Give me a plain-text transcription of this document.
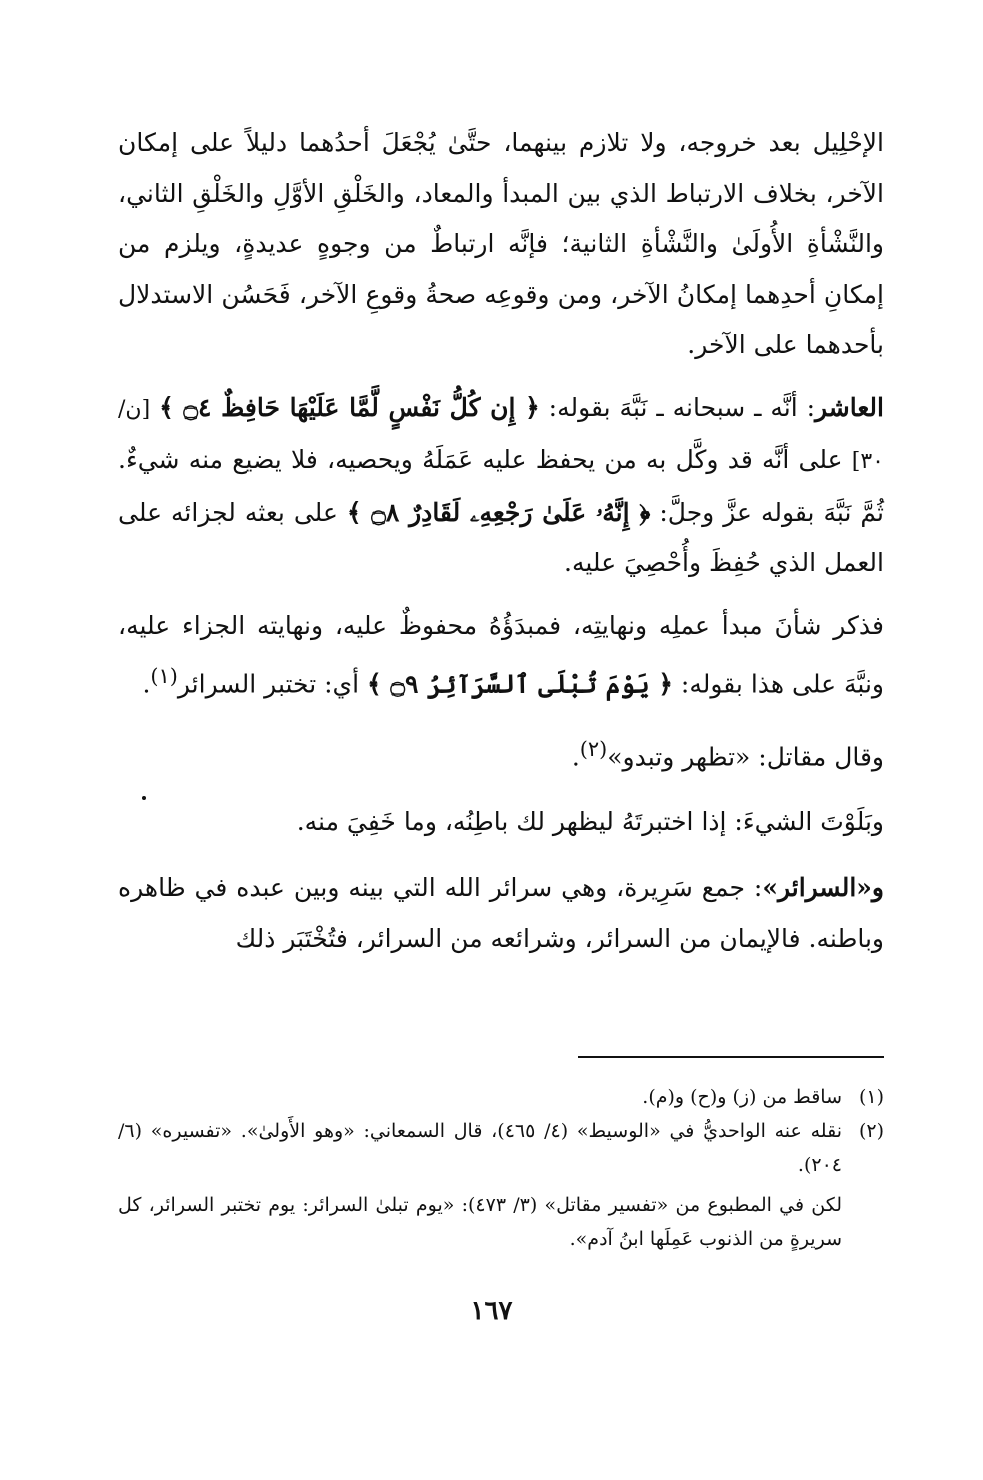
الإحْلِيل بعد خروجه، ولا تلازم بينهما، حتَّىٰ يُجْعَلَ أحدُهما دليلاً على إمكان الآخر، بخلاف الارتباط الذي بين المبدأ والمعاد، والخَلْقِ الأوَّلِ والخَلْقِ الثاني، والنَّشْأةِ الأُولَىٰ والنَّشْأةِ الثانية؛ فإنَّه ارتباطٌ من وجوهٍ عديدةٍ، ويلزم من إمكانِ أحدِهما إمكانُ الآخر، ومن وقوعِه صحةُ وقوعِ الآخر، فَحَسُن الاستدلال بأحدهما على الآخر.

العاشر: أنَّه ـ سبحانه ـ نَبَّهَ بقوله: ﴿ إِن كُلُّ نَفْسٍ لَّمَّا عَلَيْهَا حَافِظٌ ۝٤ ﴾ [ن/ ٣٠] على أنَّه قد وكَّل به من يحفظ عليه عَمَلَهُ ويحصيه، فلا يضيع منه شيءٌ. ثُمَّ نَبَّهَ بقوله عزَّ وجلَّ: ﴿ إِنَّهُۥ عَلَىٰ رَجْعِهِۦ لَقَادِرٌ ۝٨ ﴾ على بعثه لجزائه على العمل الذي حُفِظَ وأُحْصِيَ عليه.

فذكر شأنَ مبدأ عملِه ونهايتِه، فمبدَؤُهُ محفوظٌ عليه، ونهايته الجزاء عليه، ونبَّهَ على هذا بقوله: ﴿ يَوْمَ تُبْلَى ٱلسَّرَآئِرُ ۝٩ ﴾ أي: تختبر السرائر$^{(١)}$.

وقال مقاتل: «تظهر وتبدو»$^{(٢)}$.

وبَلَوْتَ الشيءَ: إذا اختبرتَهُ ليظهر لك باطِنُه، وما خَفِيَ منه.

و«السرائر»: جمع سَرِيرة، وهي سرائر الله التي بينه وبين عبده في ظاهره وباطنه. فالإيمان من السرائر، وشرائعه من السرائر، فتُخْتَبَر ذلك

(١)
ساقط من (ز) و(ح) و(م).
(٢)
نقله عنه الواحديُّ في «الوسيط» (٤/ ٤٦٥)، قال السمعاني: «وهو الأَولىٰ». «تفسيره» (٦/ ٢٠٤).

لكن في المطبوع من «تفسير مقاتل» (٣/ ٤٧٣): «يوم تبلىٰ السرائر: يوم تختبر السرائر، كل سريرةٍ من الذنوب عَمِلَها ابنُ آدم».

١٦٧
